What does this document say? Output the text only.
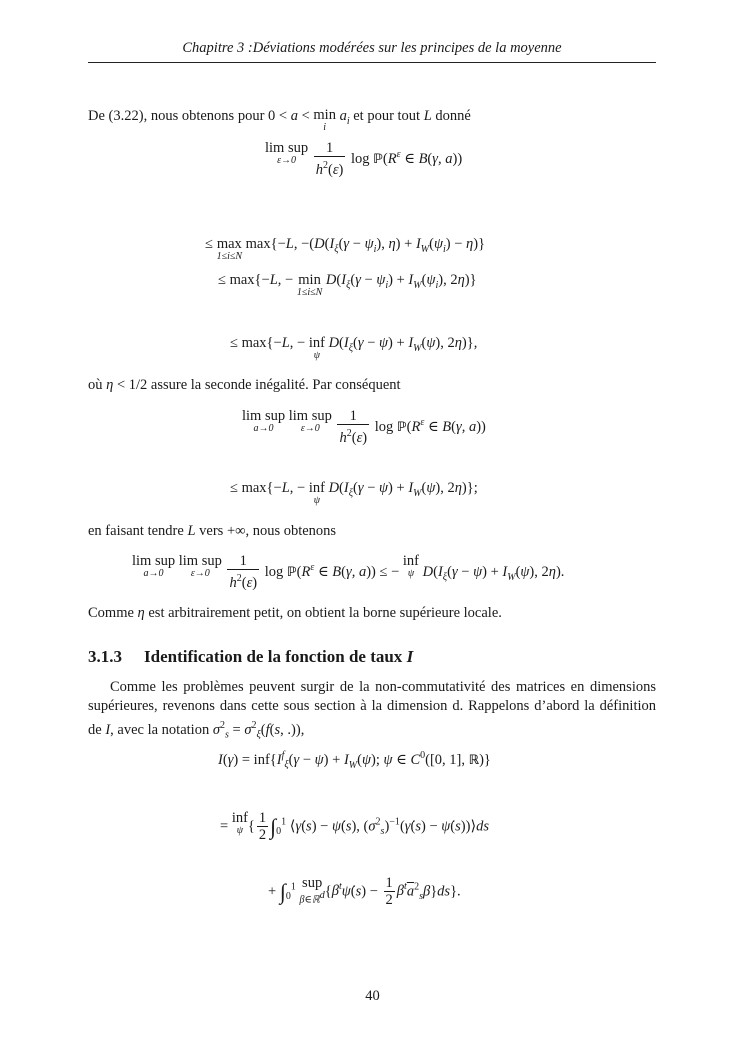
Chapitre 3 :Déviations modérées sur les principes de la moyenne
De (3.22), nous obtenons pour 0 < a < min
i
$a_i$ et pour tout L donné
lim sup
ε→0
	$\frac{1}{h^2(\varepsilon)}$ $\log ℙ(R^\varepsilon$ ∈ B(γ, a))
≤ max
1≤i≤N
max{−L, $-(D(I_\xi(\gamma - \psi_i)$, $\eta) + I_W(\psi_i) - \eta$)}
≤ max{−L, − min
1≤i≤N
$D(I_\xi(\gamma - \psi_i) + I_W(\psi_i)$, 2η)}
≤ max{−L, − inf
ψ
$D(I_\xi(\gamma - \psi) + I_W(\psi)$, 2η)},
où η < 1/2 assure la seconde inégalité. Par conséquent
lim sup
a→0

lim sup
ε→0
	$\frac{1}{h^2(\varepsilon)}$ $\log ℙ(R^\varepsilon$ ∈ B(γ, a))
≤ max{−L, − inf
ψ
$D(I_\xi(\gamma - \psi) + I_W(\psi)$, 2η)};
en faisant tendre L vers +∞, nous obtenons
lim sup
a→0

lim sup
ε→0
	$\frac{1}{h^2(\varepsilon)}$ $\log ℙ(R^\varepsilon$ ∈ B(γ, a)) ≤ −
inf
ψ $D(I_\xi(\gamma - \psi) + I_W(\psi)$, 2η).
Comme η est arbitrairement petit, on obtient la borne supérieure locale.
3.1.3 Identification de la fonction de taux I
Comme les problèmes peuvent surgir de la non-commutativité des matrices en dimensions supérieures, revenons dans cette sous section à la dimension d. Rappelons d’abord la définition de I, avec la notation $\sigma^2_s = \sigma^2_\xi(f(s$, .)),
$I(\gamma) = inf\{I^f_\xi(\gamma - \psi) + I_W(\psi)$; ψ ∈ $C^0([0$, 1], ℝ)}
=
inf
ψ { $\frac{1}{2} \int_0^1$ ⟨γ̇(s) − ψ̇(s), $(\sigma^2_s)^{-1}(\gammȧ(s)$ − ψ̇(s))⟩ds
+ $\int_0^1$ sup
β∈ℝ$^d$ $\{\beta^t\psi̇(s) - \frac{1}{2} \beta^t\overline{a}^2_s\beta\}ds$}.
40
